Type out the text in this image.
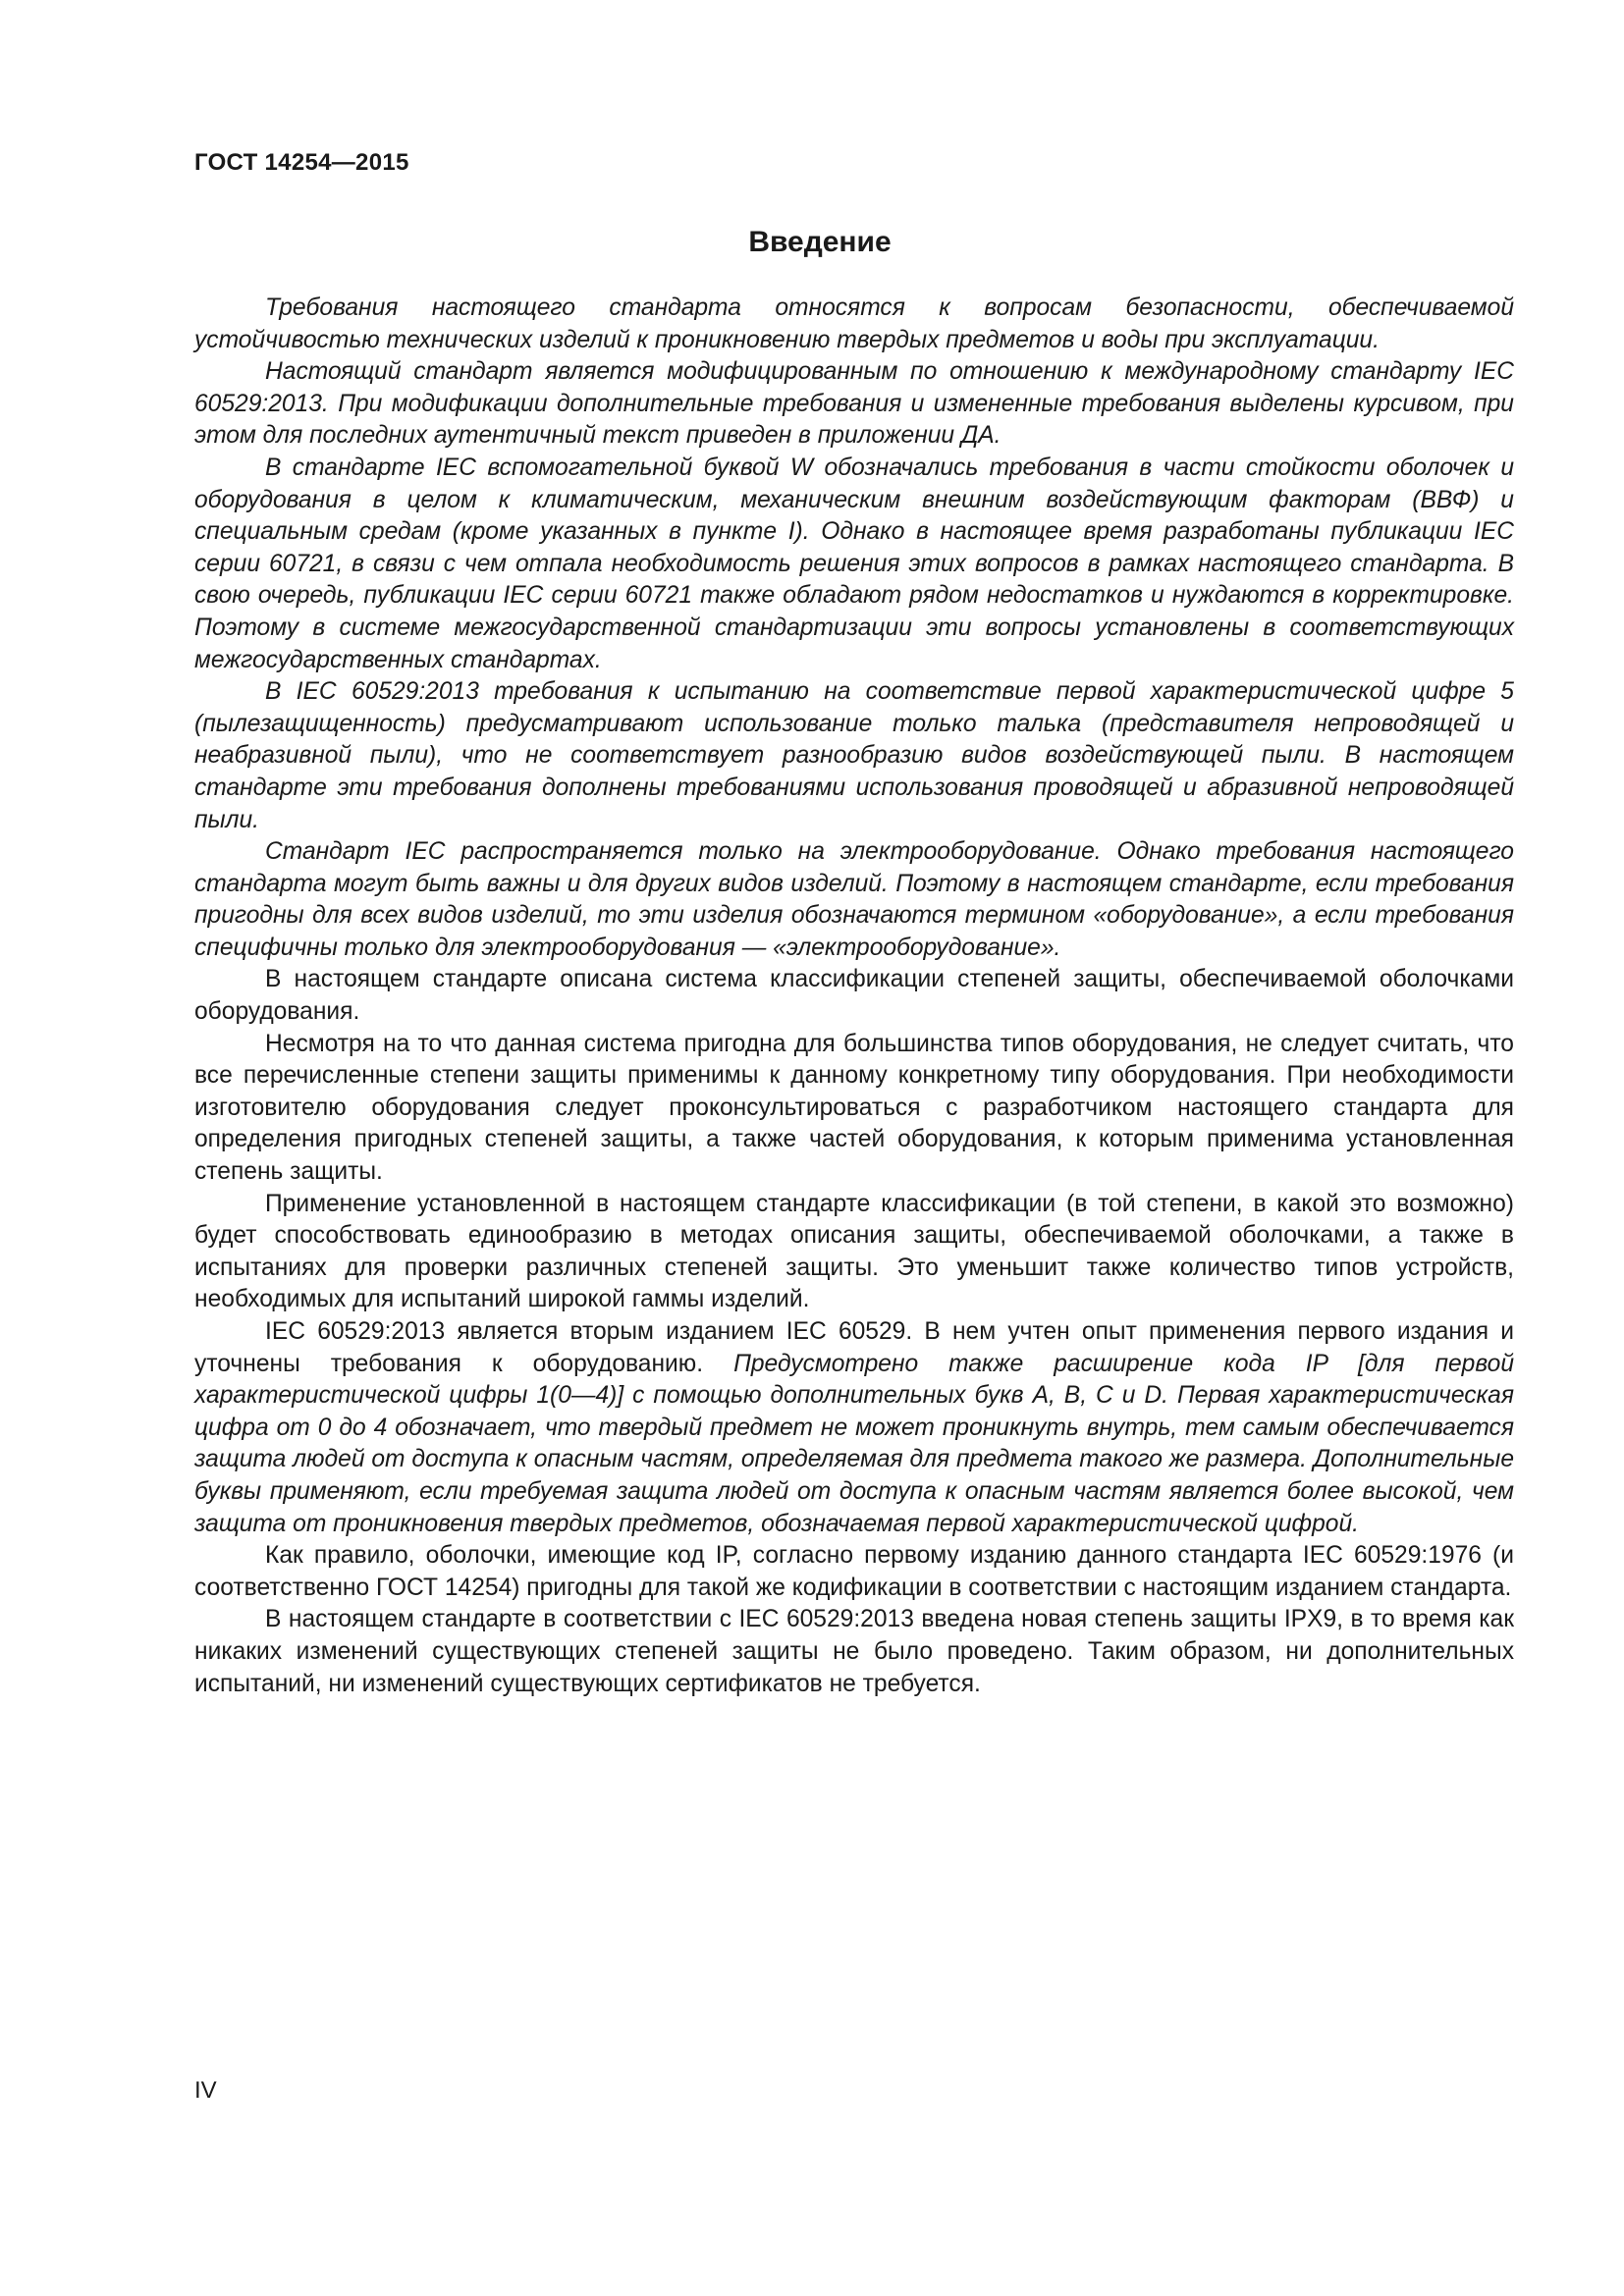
ГОСТ 14254—2015
Введение

Требования настоящего стандарта относятся к вопросам безопасности, обеспечиваемой устойчивостью технических изделий к проникновению твердых предметов и воды при эксплуатации.

Настоящий стандарт является модифицированным по отношению к международному стандарту IEC 60529:2013. При модификации дополнительные требования и измененные требования выделены курсивом, при этом для последних аутентичный текст приведен в приложении ДА.

В стандарте IEC вспомогательной буквой W обозначались требования в части стойкости оболочек и оборудования в целом к климатическим, механическим внешним воздействующим факторам (ВВФ) и специальным средам (кроме указанных в пункте I). Однако в настоящее время разработаны публикации IEC серии 60721, в связи с чем отпала необходимость решения этих вопросов в рамках настоящего стандарта. В свою очередь, публикации IEC серии 60721 также обладают рядом недостатков и нуждаются в корректировке. Поэтому в системе межгосударственной стандартизации эти вопросы установлены в соответствующих межгосударственных стандартах.

В IEC 60529:2013 требования к испытанию на соответствие первой характеристической цифре 5 (пылезащищенность) предусматривают использование только талька (представителя непроводящей и неабразивной пыли), что не соответствует разнообразию видов воздействующей пыли. В настоящем стандарте эти требования дополнены требованиями использования проводящей и абразивной непроводящей пыли.

Стандарт IEC распространяется только на электрооборудование. Однако требования настоящего стандарта могут быть важны и для других видов изделий. Поэтому в настоящем стандарте, если требования пригодны для всех видов изделий, то эти изделия обозначаются термином «оборудование», а если требования специфичны только для электрооборудования — «электрооборудование».

В настоящем стандарте описана система классификации степеней защиты, обеспечиваемой оболочками оборудования.

Несмотря на то что данная система пригодна для большинства типов оборудования, не следует считать, что все перечисленные степени защиты применимы к данному конкретному типу оборудования. При необходимости изготовителю оборудования следует проконсультироваться с разработчиком настоящего стандарта для определения пригодных степеней защиты, а также частей оборудования, к которым применима установленная степень защиты.

Применение установленной в настоящем стандарте классификации (в той степени, в какой это возможно) будет способствовать единообразию в методах описания защиты, обеспечиваемой оболочками, а также в испытаниях для проверки различных степеней защиты. Это уменьшит также количество типов устройств, необходимых для испытаний широкой гаммы изделий.

IEC 60529:2013 является вторым изданием IEC 60529. В нем учтен опыт применения первого издания и уточнены требования к оборудованию. Предусмотрено также расширение кода IP [для первой характеристической цифры 1(0—4)] с помощью дополнительных букв A, B, C и D. Первая характеристическая цифра от 0 до 4 обозначает, что твердый предмет не может проникнуть внутрь, тем самым обеспечивается защита людей от доступа к опасным частям, определяемая для предмета такого же размера. Дополнительные буквы применяют, если требуемая защита людей от доступа к опасным частям является более высокой, чем защита от проникновения твердых предметов, обозначаемая первой характеристической цифрой.

Как правило, оболочки, имеющие код IP, согласно первому изданию данного стандарта IEC 60529:1976 (и соответственно ГОСТ 14254) пригодны для такой же кодификации в соответствии с настоящим изданием стандарта.

В настоящем стандарте в соответствии с IEC 60529:2013 введена новая степень защиты IPX9, в то время как никаких изменений существующих степеней защиты не было проведено. Таким образом, ни дополнительных испытаний, ни изменений существующих сертификатов не требуется.

IV
